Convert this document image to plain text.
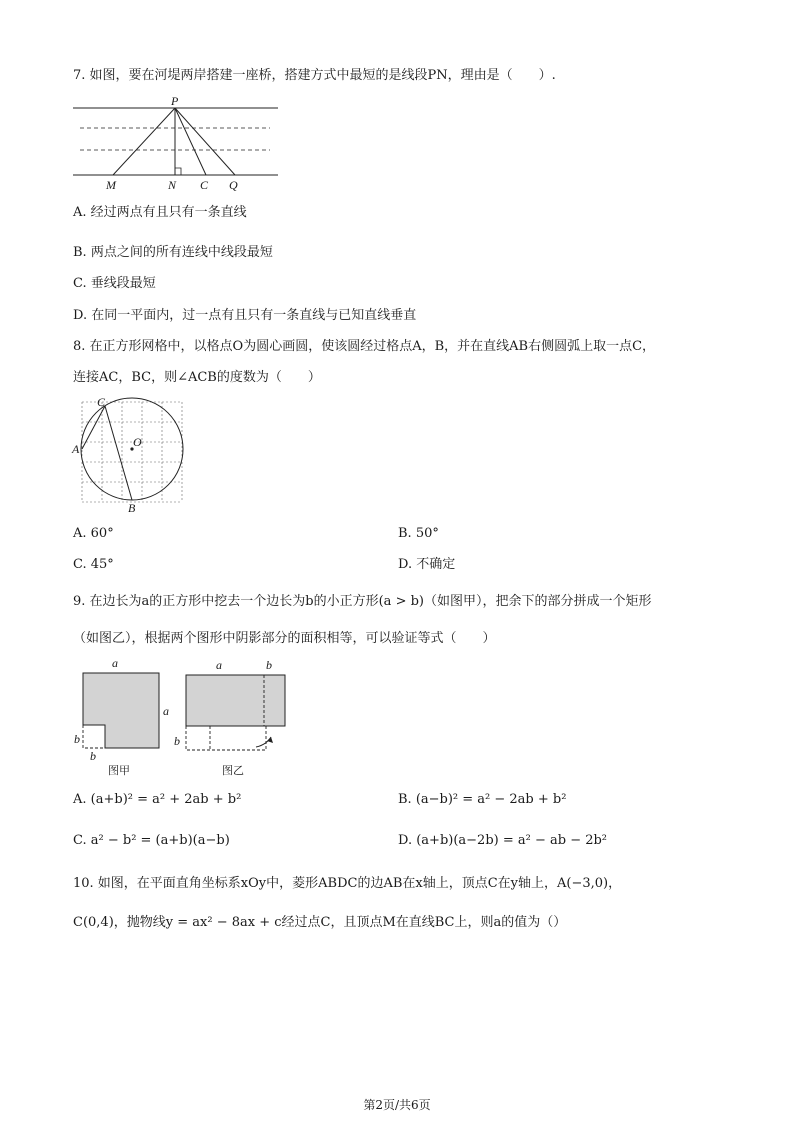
7. 如图，要在河堤两岸搭建一座桥，搭建方式中最短的是线段PN，理由是（　　）.
P
M	N C Q
A. 经过两点有且只有一条直线
B. 两点之间的所有连线中线段最短
C. 垂线段最短
D. 在同一平面内，过一点有且只有一条直线与已知直线垂直
8. 在正方形网格中，以格点O为圆心画圆，使该圆经过格点A，B，并在直线AB右侧圆弧上取一点C，
连接AC，BC，则∠ACB的度数为（　　）
C
O
A
B
A. 60°	B. 50°
C. 45°	D. 不确定
9. 在边长为a的正方形中挖去一个边长为b的小正方形(a > b)（如图甲），把余下的部分拼成一个矩形
（如图乙），根据两个图形中阴影部分的面积相等，可以验证等式（　　）
a
a
b
b
图甲
a	b
b
图乙
A. (a+b)² = a² + 2ab + b²	B. (a−b)² = a² − 2ab + b²
C. a² − b² = (a+b)(a−b)	D. (a+b)(a−2b) = a² − ab − 2b²
10. 如图，在平面直角坐标系xOy中，菱形ABDC的边AB在x轴上，顶点C在y轴上，A(−3,0)，
C(0,4)，抛物线y = ax² − 8ax + c经过点C，且顶点M在直线BC上，则a的值为（）
第2页/共6页
